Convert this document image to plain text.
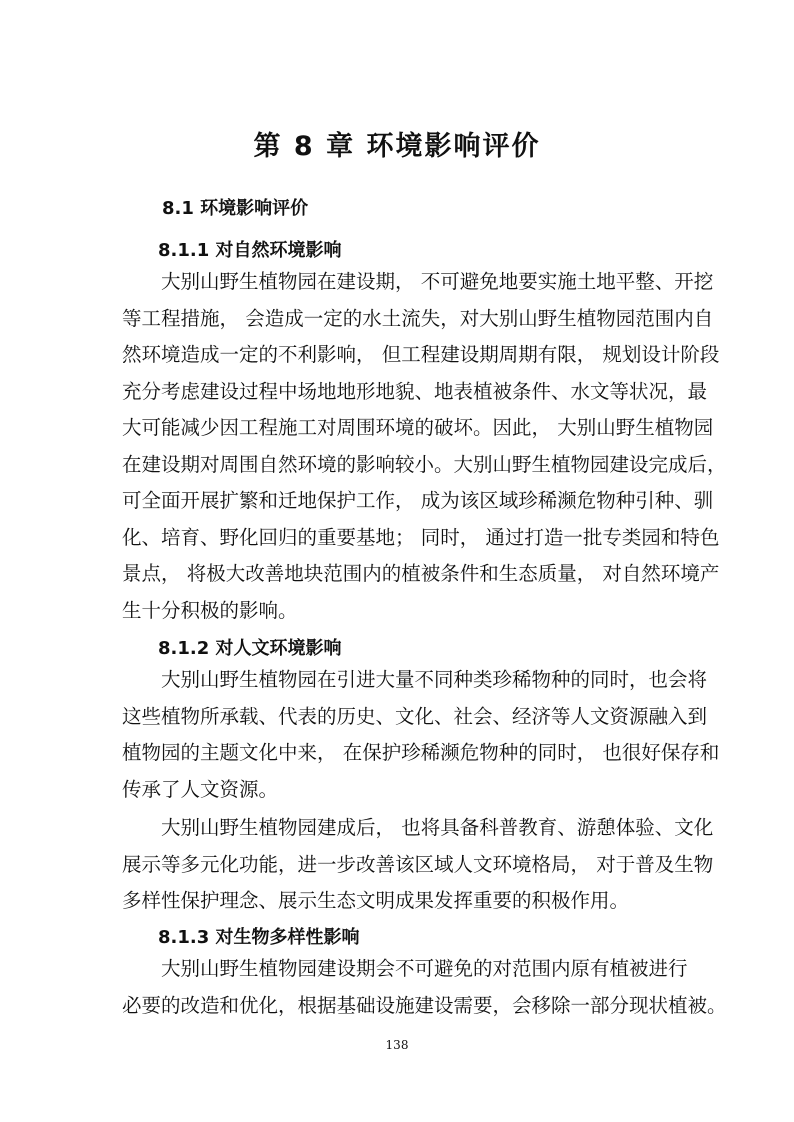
第 8 章 环境影响评价
8.1 环境影响评价
8.1.1 对自然环境影响
　　大别山野生植物园在建设期， 不可避免地要实施土地平整、开挖
等工程措施， 会造成一定的水土流失，对大别山野生植物园范围内自
然环境造成一定的不利影响， 但工程建设期周期有限， 规划设计阶段
充分考虑建设过程中场地地形地貌、地表植被条件、水文等状况，最
大可能减少因工程施工对周围环境的破坏。因此， 大别山野生植物园
在建设期对周围自然环境的影响较小。大别山野生植物园建设完成后，
可全面开展扩繁和迁地保护工作， 成为该区域珍稀濒危物种引种、驯
化、培育、野化回归的重要基地； 同时， 通过打造一批专类园和特色
景点， 将极大改善地块范围内的植被条件和生态质量， 对自然环境产
生十分积极的影响。
8.1.2 对人文环境影响
　　大别山野生植物园在引进大量不同种类珍稀物种的同时，也会将
这些植物所承载、代表的历史、文化、社会、经济等人文资源融入到
植物园的主题文化中来， 在保护珍稀濒危物种的同时， 也很好保存和
传承了人文资源。
　　大别山野生植物园建成后， 也将具备科普教育、游憩体验、文化
展示等多元化功能，进一步改善该区域人文环境格局， 对于普及生物
多样性保护理念、展示生态文明成果发挥重要的积极作用。
8.1.3 对生物多样性影响
　　大别山野生植物园建设期会不可避免的对范围内原有植被进行
必要的改造和优化，根据基础设施建设需要，会移除一部分现状植被。

138
